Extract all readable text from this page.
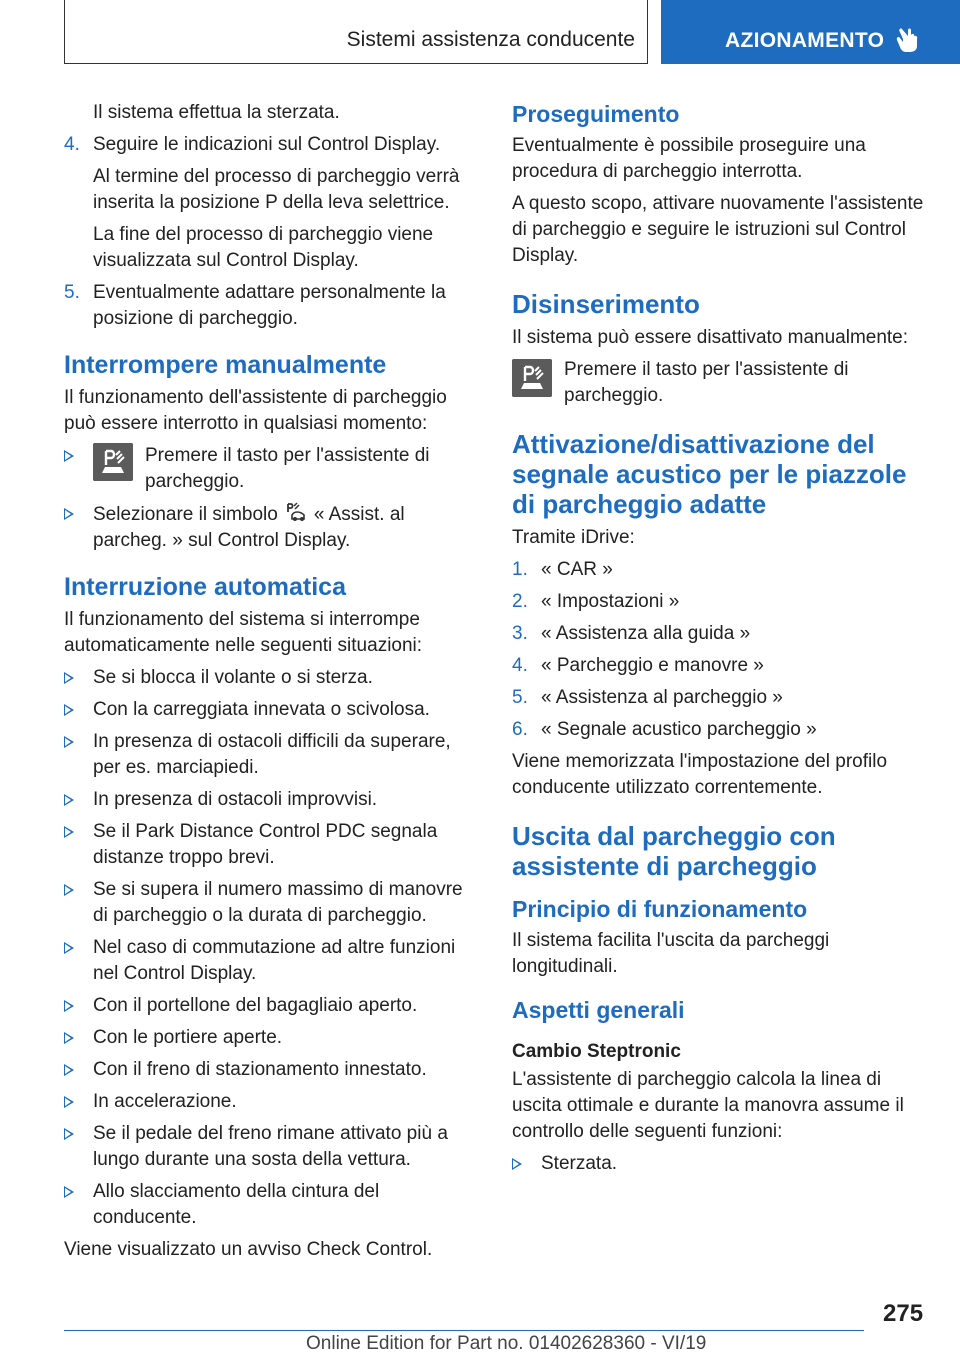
Sistemi assistenza conducente	AZIONAMENTO

Il sistema effettua la sterzata.

4. Seguire le indicazioni sul Control Display.
Al termine del processo di parcheggio verrà inserita la posizione P della leva selettrice.
La fine del processo di parcheggio viene visualizzata sul Control Display.
5. Eventualmente adattare personalmente la posizione di parcheggio.
Interrompere manualmente

Il funzionamento dell'assistente di parcheggio può essere interrotto in qualsiasi momento:

Premere il tasto per l'assistente di parcheggio.
Selezionare il simbolo « Assist. al parcheg. » sul Control Display.
Interruzione automatica

Il funzionamento del sistema si interrompe automaticamente nelle seguenti situazioni:

Se si blocca il volante o si sterza.
Con la carreggiata innevata o scivolosa.
In presenza di ostacoli difficili da superare, per es. marciapiedi.
In presenza di ostacoli improvvisi.
Se il Park Distance Control PDC segnala distanze troppo brevi.
Se si supera il numero massimo di manovre di parcheggio o la durata di parcheggio.
Nel caso di commutazione ad altre funzioni nel Control Display.
Con il portellone del bagagliaio aperto.
Con le portiere aperte.
Con il freno di stazionamento innestato.
In accelerazione.
Se il pedale del freno rimane attivato più a lungo durante una sosta della vettura.
Allo slacciamento della cintura del conducente.

Viene visualizzato un avviso Check Control.

Proseguimento

Eventualmente è possibile proseguire una procedura di parcheggio interrotta.

A questo scopo, attivare nuovamente l'assistente di parcheggio e seguire le istruzioni sul Control Display.

Disinserimento

Il sistema può essere disattivato manualmente:

Premere il tasto per l'assistente di parcheggio.
Attivazione/disattivazione del segnale acustico per le piazzole di parcheggio adatte

Tramite iDrive:

1. « CAR »
2. « Impostazioni »
3. « Assistenza alla guida »
4. « Parcheggio e manovre »
5. « Assistenza al parcheggio »
6. « Segnale acustico parcheggio »

Viene memorizzata l'impostazione del profilo conducente utilizzato correntemente.

Uscita dal parcheggio con assistente di parcheggio
Principio di funzionamento

Il sistema facilita l'uscita da parcheggi longitudinali.

Aspetti generali
Cambio Steptronic

L'assistente di parcheggio calcola la linea di uscita ottimale e durante la manovra assume il controllo delle seguenti funzioni:

Sterzata.
275
Online Edition for Part no. 01402628360 - VI/19
